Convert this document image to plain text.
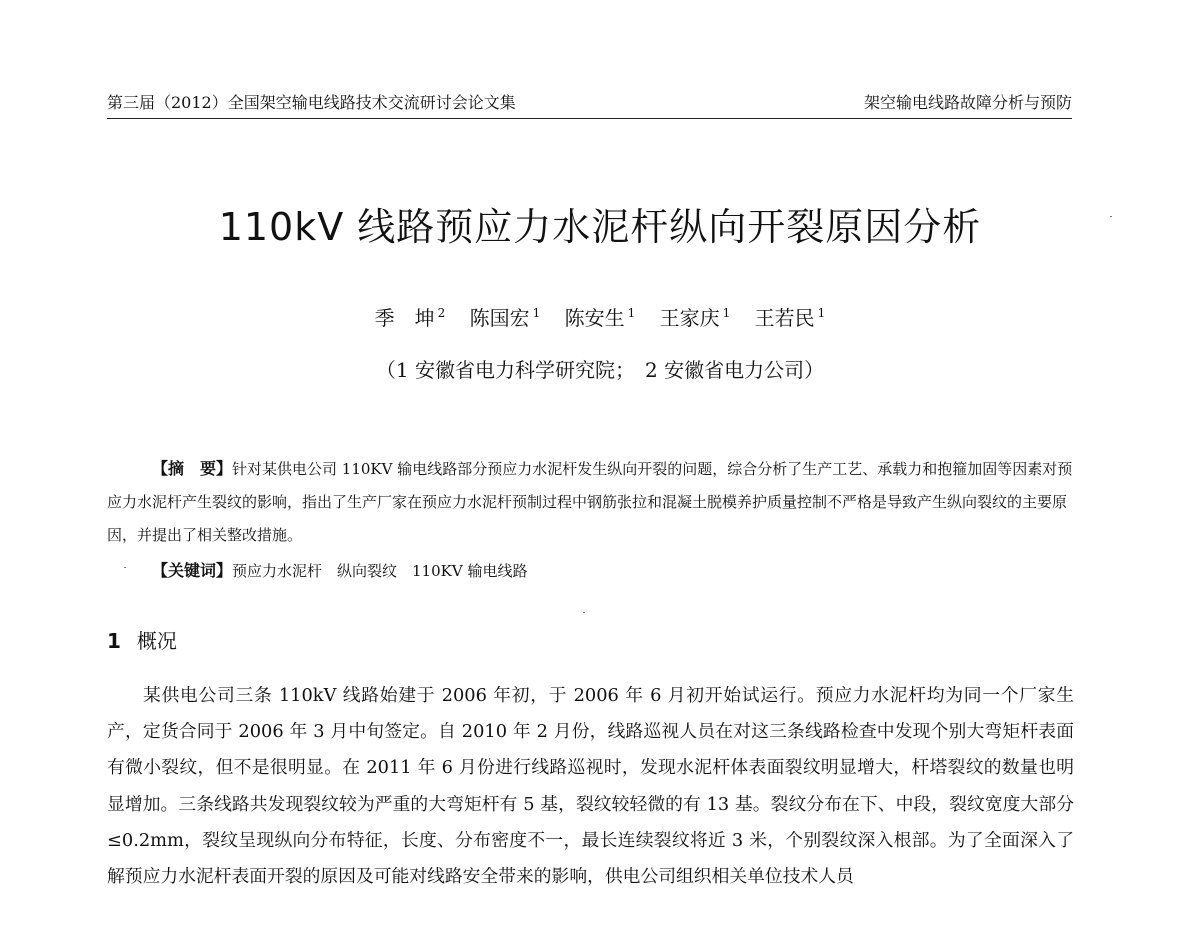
第三届（2012）全国架空输电线路技术交流研讨会论文集	架空输电线路故障分析与预防
110kV 线路预应力水泥杆纵向开裂原因分析
季　坤 $^2$ 陈国宏 $^1$ 陈安生 $^1$ 王家庆 $^1$ 王若民 $^1$
（1 安徽省电力科学研究院；　2 安徽省电力公司）

【摘　要】针对某供电公司 110KV 输电线路部分预应力水泥杆发生纵向开裂的问题，综合分析了生产工艺、承载力和抱箍加固等因素对预应力水泥杆产生裂纹的影响，指出了生产厂家在预应力水泥杆预制过程中钢筋张拉和混凝土脱模养护质量控制不严格是导致产生纵向裂纹的主要原因，并提出了相关整改措施。

【关键词】预应力水泥杆　纵向裂纹　110KV 输电线路

1 概况

某供电公司三条 110kV 线路始建于 2006 年初，于 2006 年 6 月初开始试运行。预应力水泥杆均为同一个厂家生产，定货合同于 2006 年 3 月中旬签定。自 2010 年 2 月份，线路巡视人员在对这三条线路检查中发现个别大弯矩杆表面有微小裂纹，但不是很明显。在 2011 年 6 月份进行线路巡视时，发现水泥杆体表面裂纹明显增大，杆塔裂纹的数量也明显增加。三条线路共发现裂纹较为严重的大弯矩杆有 5 基，裂纹较轻微的有 13 基。裂纹分布在下、中段，裂纹宽度大部分≤0.2mm，裂纹呈现纵向分布特征，长度、分布密度不一，最长连续裂纹将近 3 米，个别裂纹深入根部。为了全面深入了解预应力水泥杆表面开裂的原因及可能对线路安全带来的影响，供电公司组织相关单位技术人员
